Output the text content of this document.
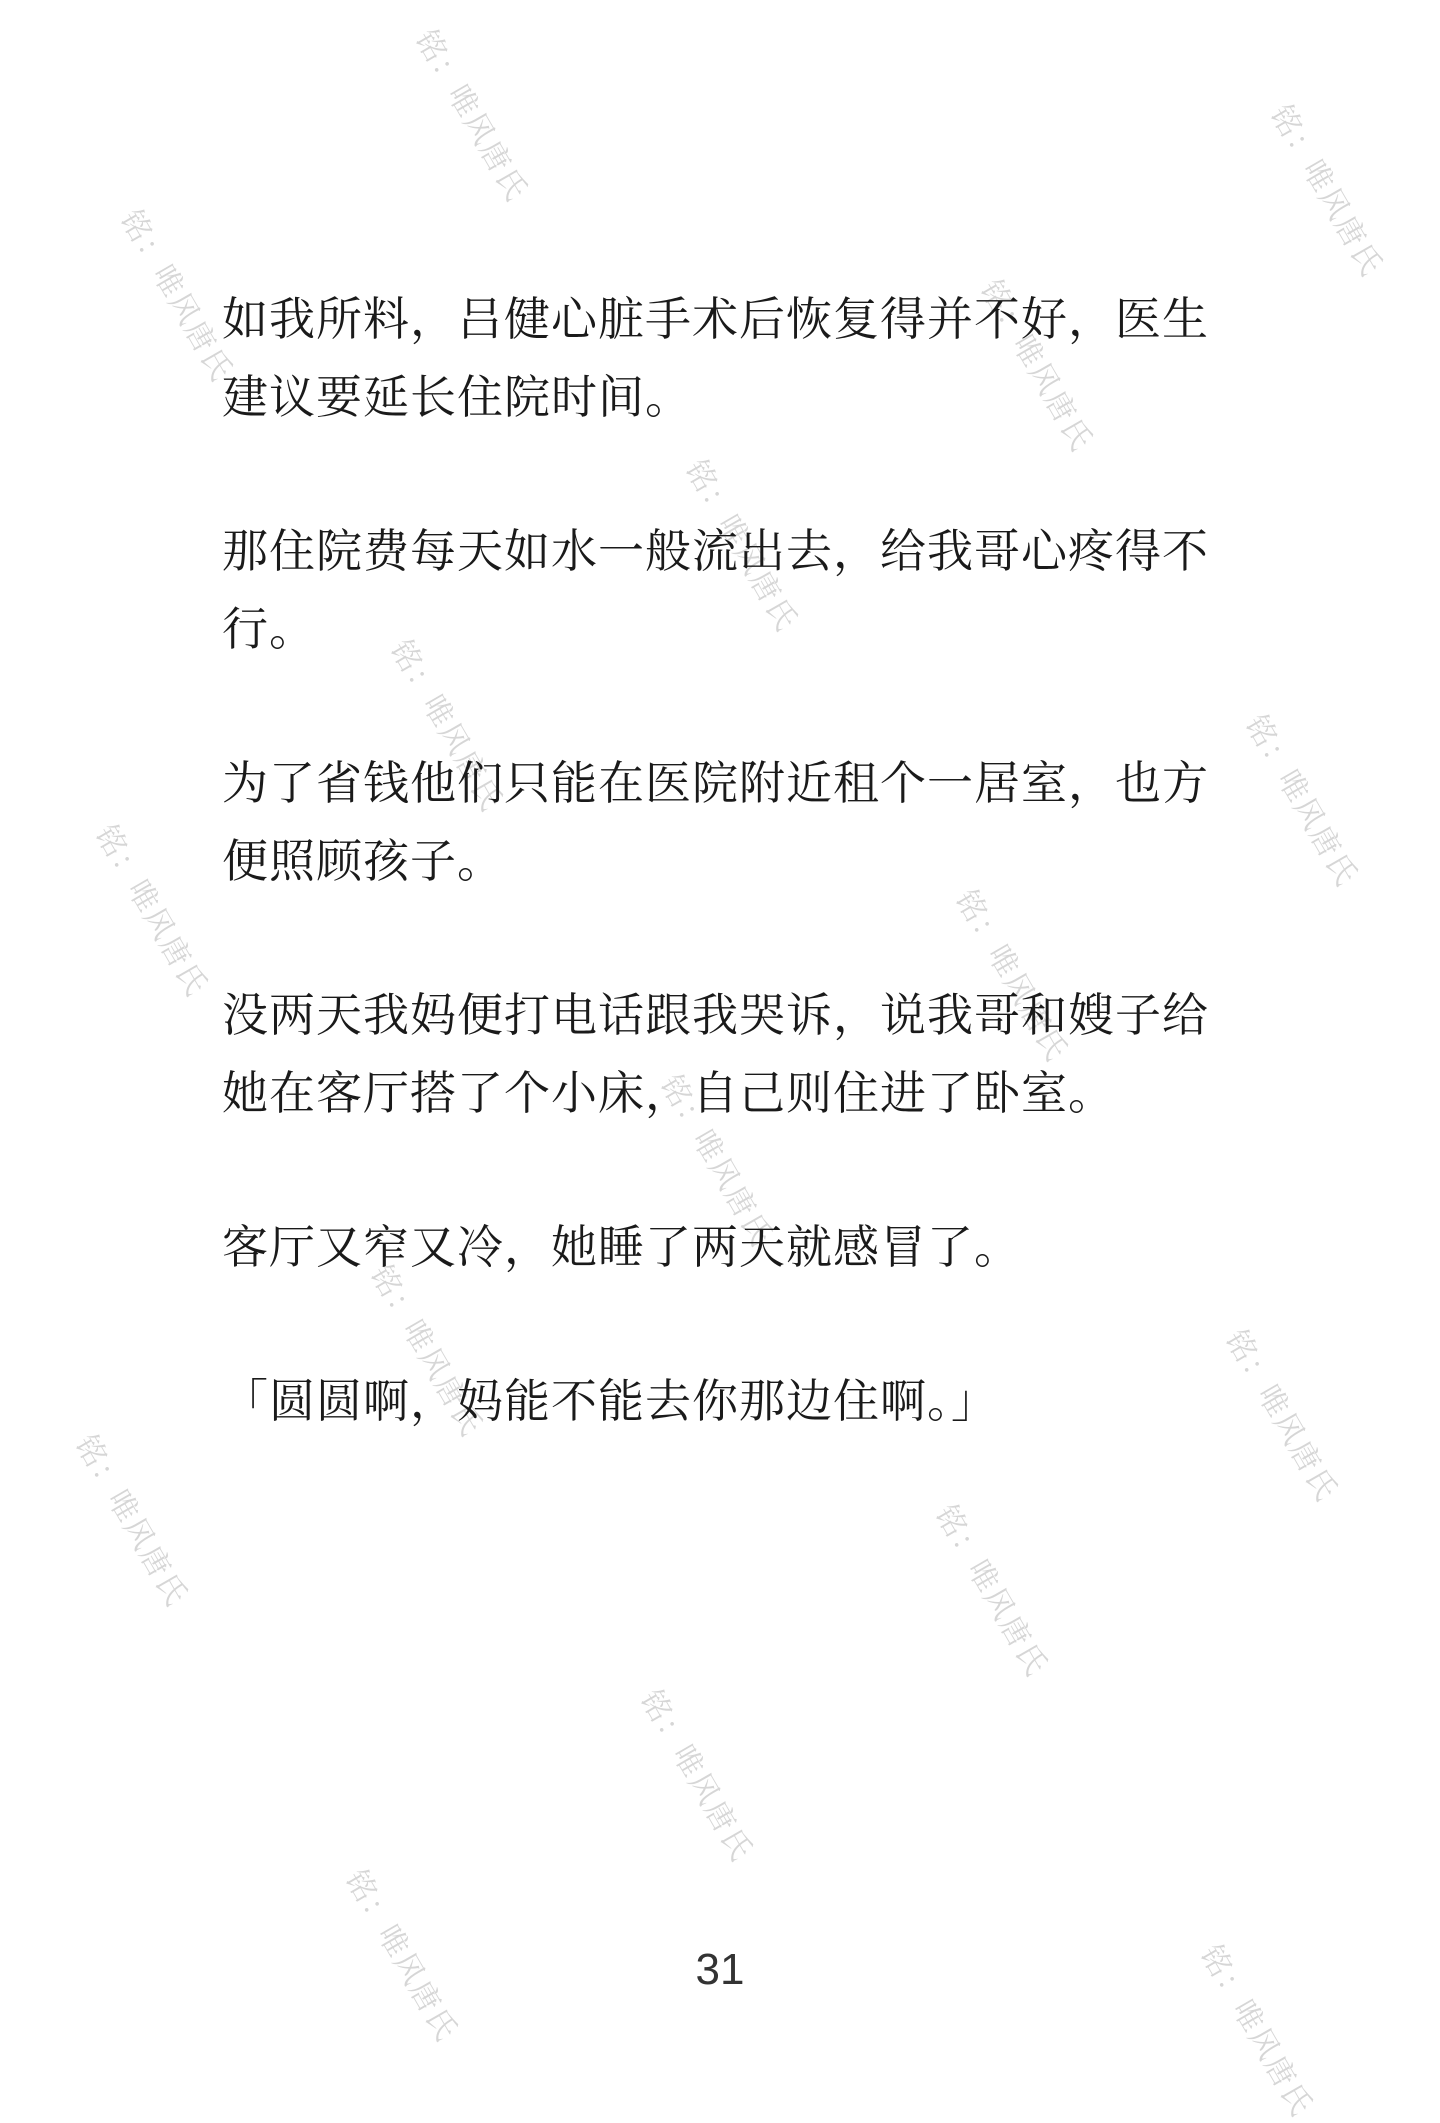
铭：唯风唐氏	铭：唯风唐氏
铭：唯风唐氏	铭：唯风唐氏
铭：唯风唐氏
铭：唯风唐氏	铭：唯风唐氏
铭：唯风唐氏	铭：唯风唐氏
铭：唯风唐氏
铭：唯风唐氏	铭：唯风唐氏
铭：唯风唐氏	铭：唯风唐氏
铭：唯风唐氏
铭：唯风唐氏	铭：唯风唐氏

如我所料，吕健心脏手术后恢复得并不好，医生建议要延长住院时间。

那住院费每天如水一般流出去，给我哥心疼得不行。

为了省钱他们只能在医院附近租个一居室，也方便照顾孩子。

没两天我妈便打电话跟我哭诉，说我哥和嫂子给她在客厅搭了个小床，自己则住进了卧室。

客厅又窄又冷，她睡了两天就感冒了。

「圆圆啊，妈能不能去你那边住啊。」

31
